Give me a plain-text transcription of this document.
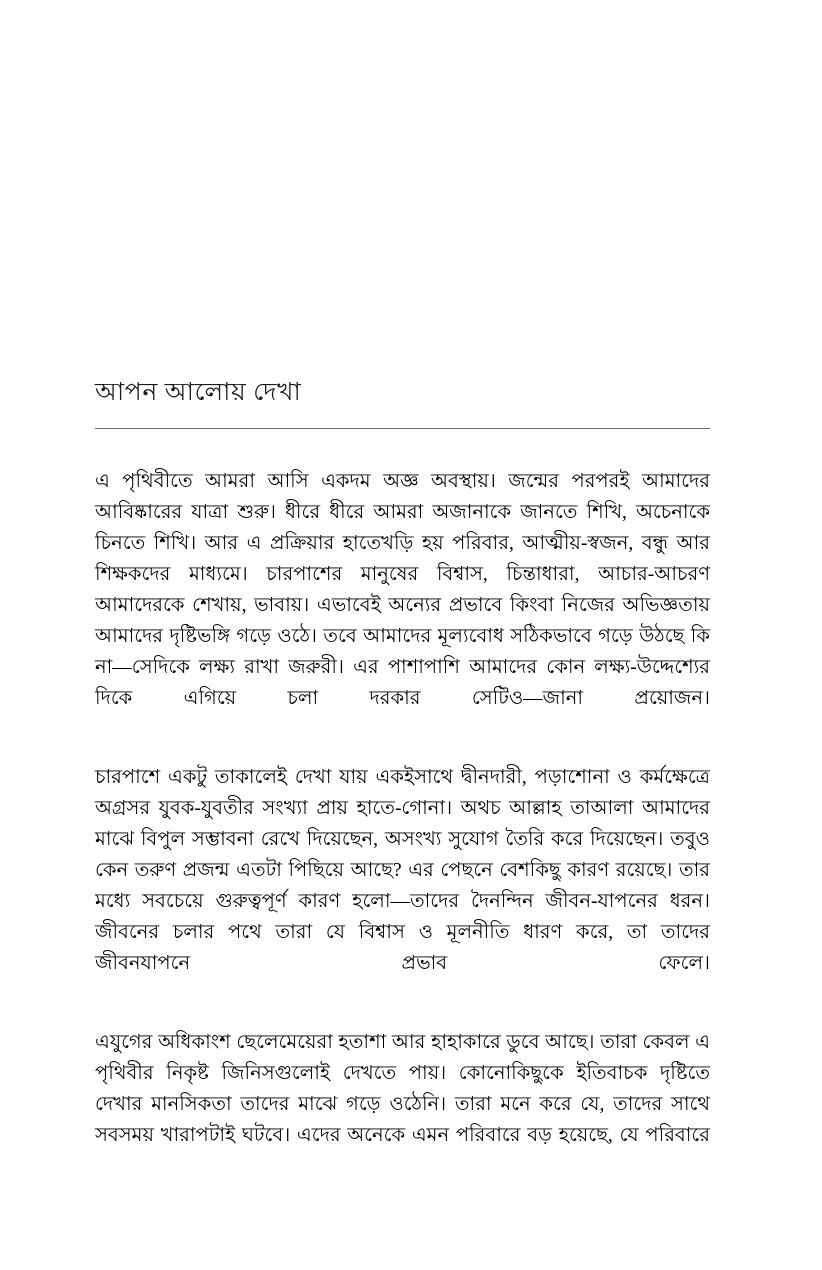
আপন আলোয় দেখা

এ পৃথিবীতে আমরা আসি একদম অজ্ঞ অবস্থায়। জন্মের পরপরই আমাদের আবিষ্কারের যাত্রা শুরু। ধীরে ধীরে আমরা অজানাকে জানতে শিখি, অচেনাকে চিনতে শিখি। আর এ প্রক্রিয়ার হাতেখড়ি হয় পরিবার, আত্মীয়-স্বজন, বন্ধু আর শিক্ষকদের মাধ্যমে। চারপাশের মানুষের বিশ্বাস, চিন্তাধারা, আচার-আচরণ আমাদেরকে শেখায়, ভাবায়। এভাবেই অন্যের প্রভাবে কিংবা নিজের অভিজ্ঞতায় আমাদের দৃষ্টিভঙ্গি গড়ে ওঠে। তবে আমাদের মূল্যবোধ সঠিকভাবে গড়ে উঠছে কি না—সেদিকে লক্ষ্য রাখা জরুরী। এর পাশাপাশি আমাদের কোন লক্ষ্য-উদ্দেশ্যের দিকে এগিয়ে চলা দরকার সেটিও—জানা প্রয়োজন।

চারপাশে একটু তাকালেই দেখা যায় একইসাথে দ্বীনদারী, পড়াশোনা ও কর্মক্ষেত্রে অগ্রসর যুবক-যুবতীর সংখ্যা প্রায় হাতে-গোনা। অথচ আল্লাহ তাআলা আমাদের মাঝে বিপুল সম্ভাবনা রেখে দিয়েছেন, অসংখ্য সুযোগ তৈরি করে দিয়েছেন। তবুও কেন তরুণ প্রজন্ম এতটা পিছিয়ে আছে? এর পেছনে বেশকিছু কারণ রয়েছে। তার মধ্যে সবচেয়ে গুরুত্বপূর্ণ কারণ হলো—তাদের দৈনন্দিন জীবন-যাপনের ধরন। জীবনের চলার পথে তারা যে বিশ্বাস ও মূলনীতি ধারণ করে, তা তাদের জীবনযাপনে প্রভাব ফেলে।

এযুগের অধিকাংশ ছেলেমেয়েরা হতাশা আর হাহাকারে ডুবে আছে। তারা কেবল এ পৃথিবীর নিকৃষ্ট জিনিসগুলোই দেখতে পায়। কোনোকিছুকে ইতিবাচক দৃষ্টিতে দেখার মানসিকতা তাদের মাঝে গড়ে ওঠেনি। তারা মনে করে যে, তাদের সাথে সবসময় খারাপটাই ঘটবে। এদের অনেকে এমন পরিবারে বড় হয়েছে, যে পরিবারে
